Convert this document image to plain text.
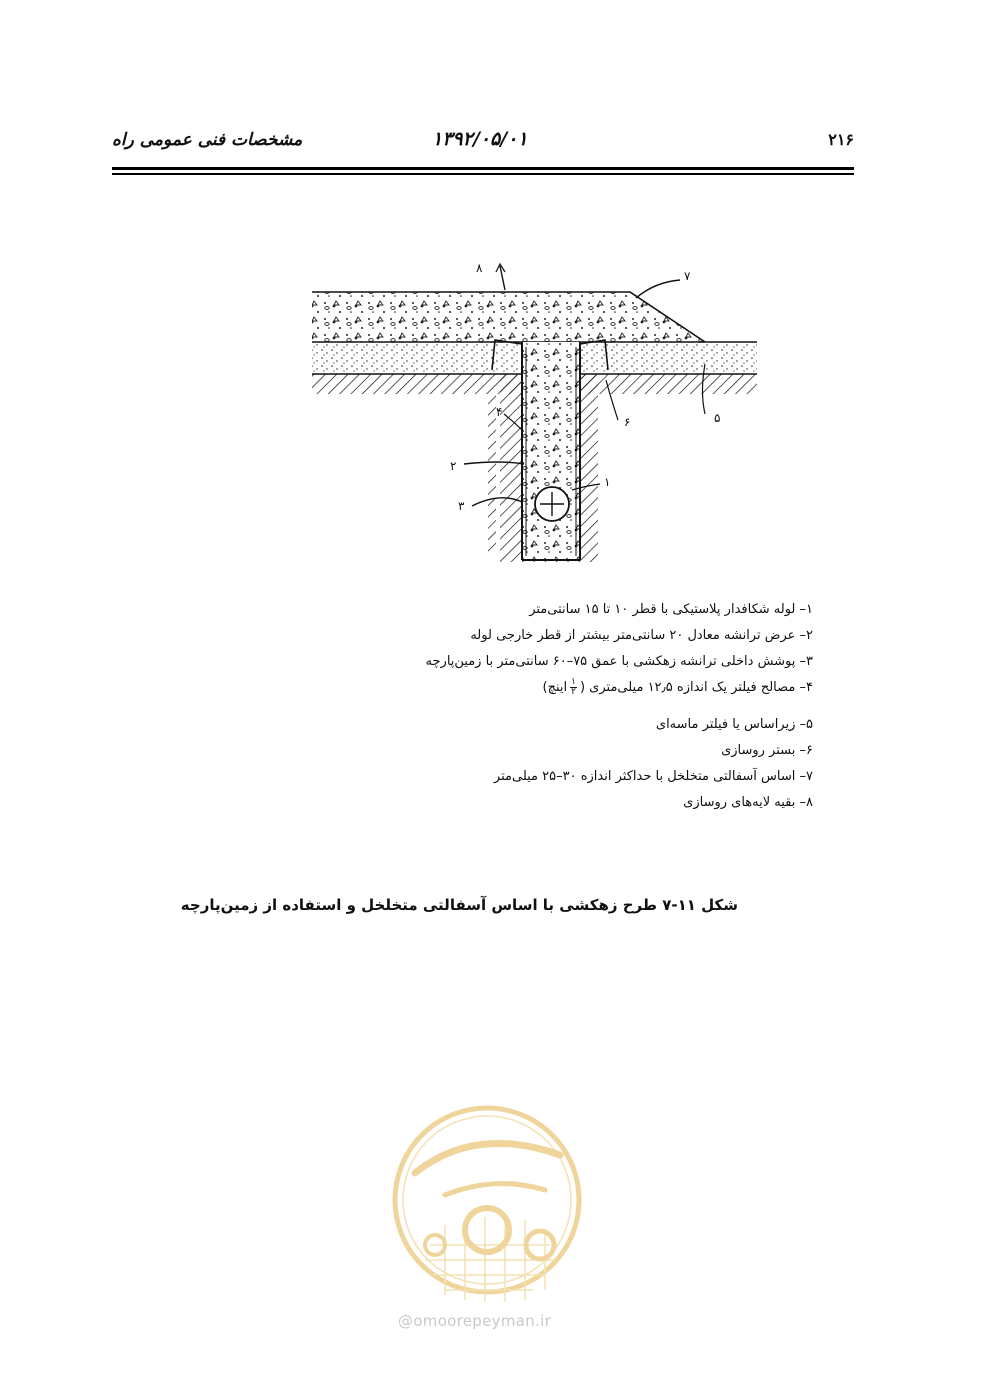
۲۱۶
۱۳۹۲/۰۵/۰۱
مشخصات فنی عمومی راه
۸
۷
۵
۶
۴
۲
۳
۱
۱– لوله شکافدار پلاستیکی با قطر ۱۰ تا ۱۵ سانتی‌متر
۲– عرض ترانشه معادل ۲۰ سانتی‌متر بیشتر از قطر خارجی لوله
۳– پوشش داخلی ترانشه زهکشی با عمق ۷۵–۶۰ سانتی‌متر با زمین‌پارچه
۴– مصالح فیلتر یک اندازه ۱۲٫۵ میلی‌متری (
$\frac{۱}{۲}$
اینچ)
۵– زیراساس یا فیلتر ماسه‌ای
۶– بستر روسازی
۷– اساس آسفالتی متخلخل با حداکثر اندازه ۳۰–۲۵ میلی‌متر
۸– بقیه لایه‌های روسازی
شکل ۱۱-۷ طرح زهکشی با اساس آسفالتی متخلخل و استفاده از زمین‌پارچه
@omoorepeyman.ir
